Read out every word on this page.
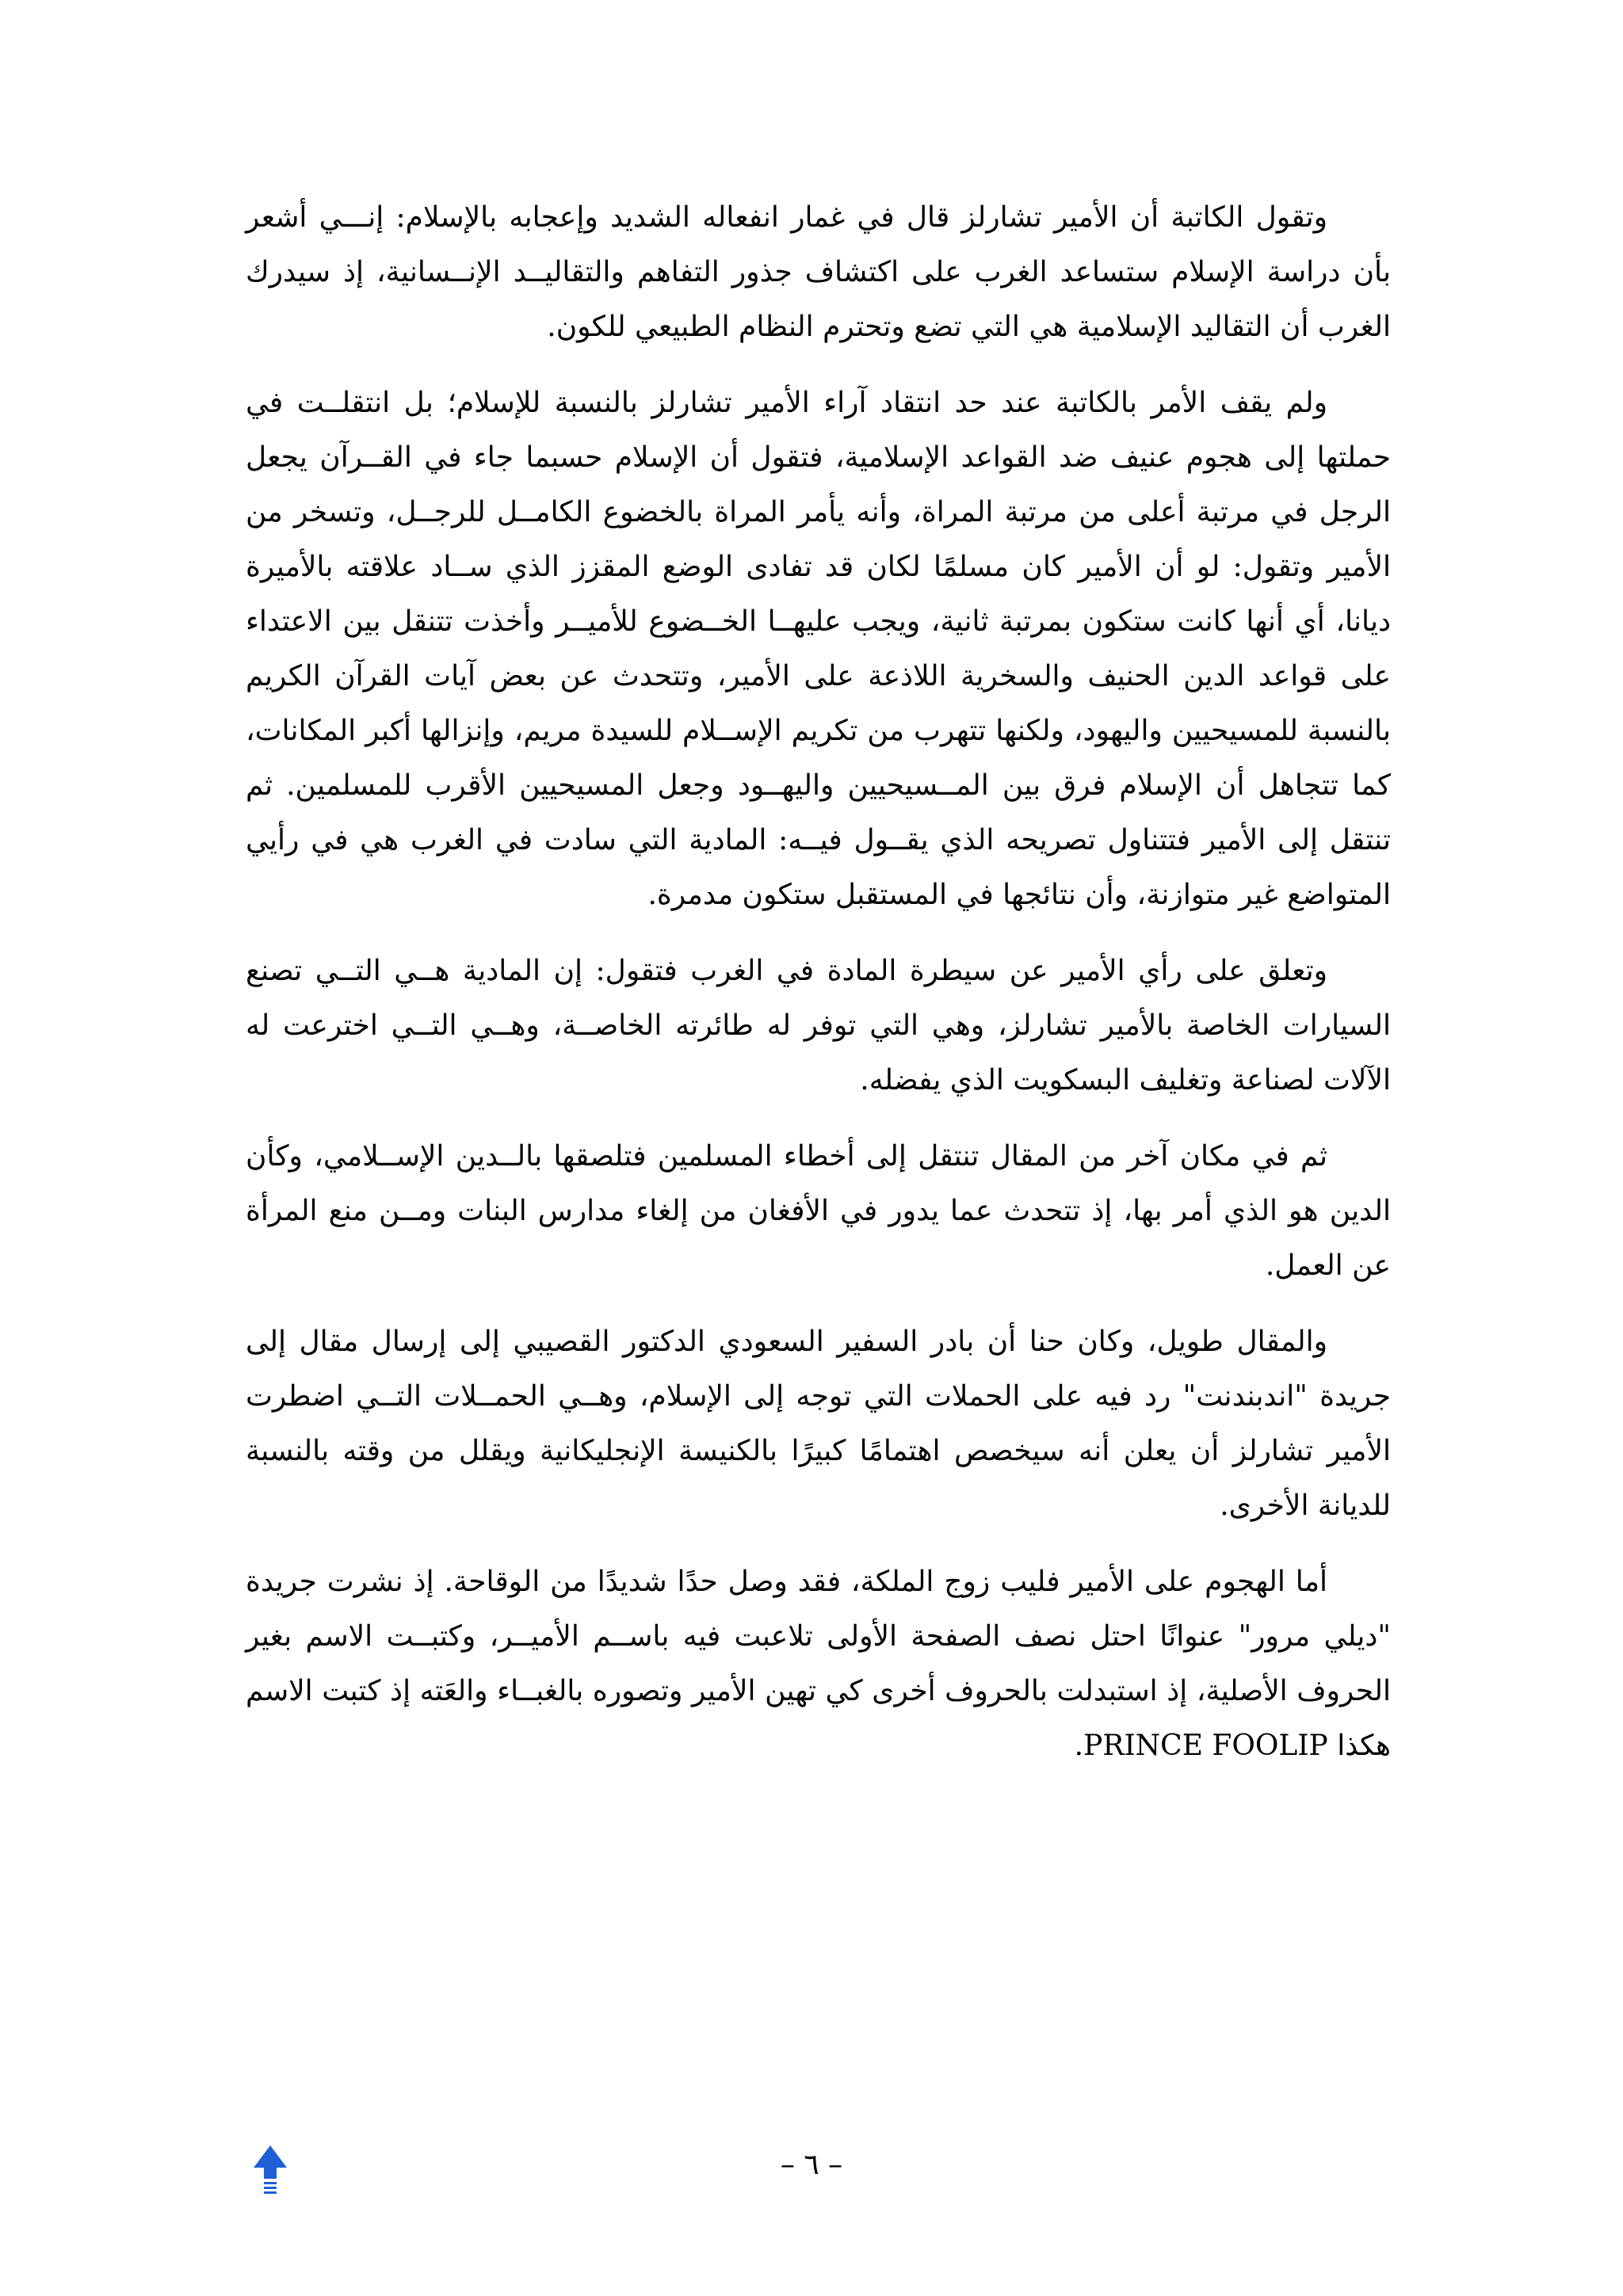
وتقول الكاتبة أن الأمير تشارلز قال في غمار انفعاله الشديد وإعجابه بالإسلام: إنـــي أشعر بأن دراسة الإسلام ستساعد الغرب على اكتشاف جذور التفاهم والتقاليــد الإنــسانية، إذ سيدرك الغرب أن التقاليد الإسلامية هي التي تضع وتحترم النظام الطبيعي للكون.

ولم يقف الأمر بالكاتبة عند حد انتقاد آراء الأمير تشارلز بالنسبة للإسلام؛ بل انتقلــت في حملتها إلى هجوم عنيف ضد القواعد الإسلامية، فتقول أن الإسلام حسبما جاء في القــرآن يجعل الرجل في مرتبة أعلى من مرتبة المراة، وأنه يأمر المراة بالخضوع الكامــل للرجــل، وتسخر من الأمير وتقول: لو أن الأمير كان مسلمًا لكان قد تفادى الوضع المقزز الذي ســاد علاقته بالأميرة ديانا، أي أنها كانت ستكون بمرتبة ثانية، ويجب عليهــا الخــضوع للأميــر وأخذت تتنقل بين الاعتداء على قواعد الدين الحنيف والسخرية اللاذعة على الأمير، وتتحدث عن بعض آيات القرآن الكريم بالنسبة للمسيحيين واليهود، ولكنها تتهرب من تكريم الإســلام للسيدة مريم، وإنزالها أكبر المكانات، كما تتجاهل أن الإسلام فرق بين المــسيحيين واليهــود وجعل المسيحيين الأقرب للمسلمين. ثم تنتقل إلى الأمير فتتناول تصريحه الذي يقــول فيــه: المادية التي سادت في الغرب هي في رأيي المتواضع غير متوازنة، وأن نتائجها في المستقبل ستكون مدمرة.

وتعلق على رأي الأمير عن سيطرة المادة في الغرب فتقول: إن المادية هــي التــي تصنع السيارات الخاصة بالأمير تشارلز، وهي التي توفر له طائرته الخاصــة، وهــي التــي اخترعت له الآلات لصناعة وتغليف البسكويت الذي يفضله.

ثم في مكان آخر من المقال تنتقل إلى أخطاء المسلمين فتلصقها بالــدين الإســلامي، وكأن الدين هو الذي أمر بها، إذ تتحدث عما يدور في الأفغان من إلغاء مدارس البنات ومــن منع المرأة عن العمل.

والمقال طويل، وكان حنا أن بادر السفير السعودي الدكتور القصيبي إلى إرسال مقال إلى جريدة "اندبندنت" رد فيه على الحملات التي توجه إلى الإسلام، وهــي الحمــلات التــي اضطرت الأمير تشارلز أن يعلن أنه سيخصص اهتمامًا كبيرًا بالكنيسة الإنجليكانية ويقلل من وقته بالنسبة للديانة الأخرى.

أما الهجوم على الأمير فليب زوج الملكة، فقد وصل حدًا شديدًا من الوقاحة. إذ نشرت جريدة "ديلي مرور" عنوانًا احتل نصف الصفحة الأولى تلاعبت فيه باســم الأميــر، وكتبــت الاسم بغير الحروف الأصلية، إذ استبدلت بالحروف أخرى كي تهين الأمير وتصوره بالغبــاء والعَته إذ كتبت الاسم هكذا PRINCE FOOLIP.

– ٦ –
